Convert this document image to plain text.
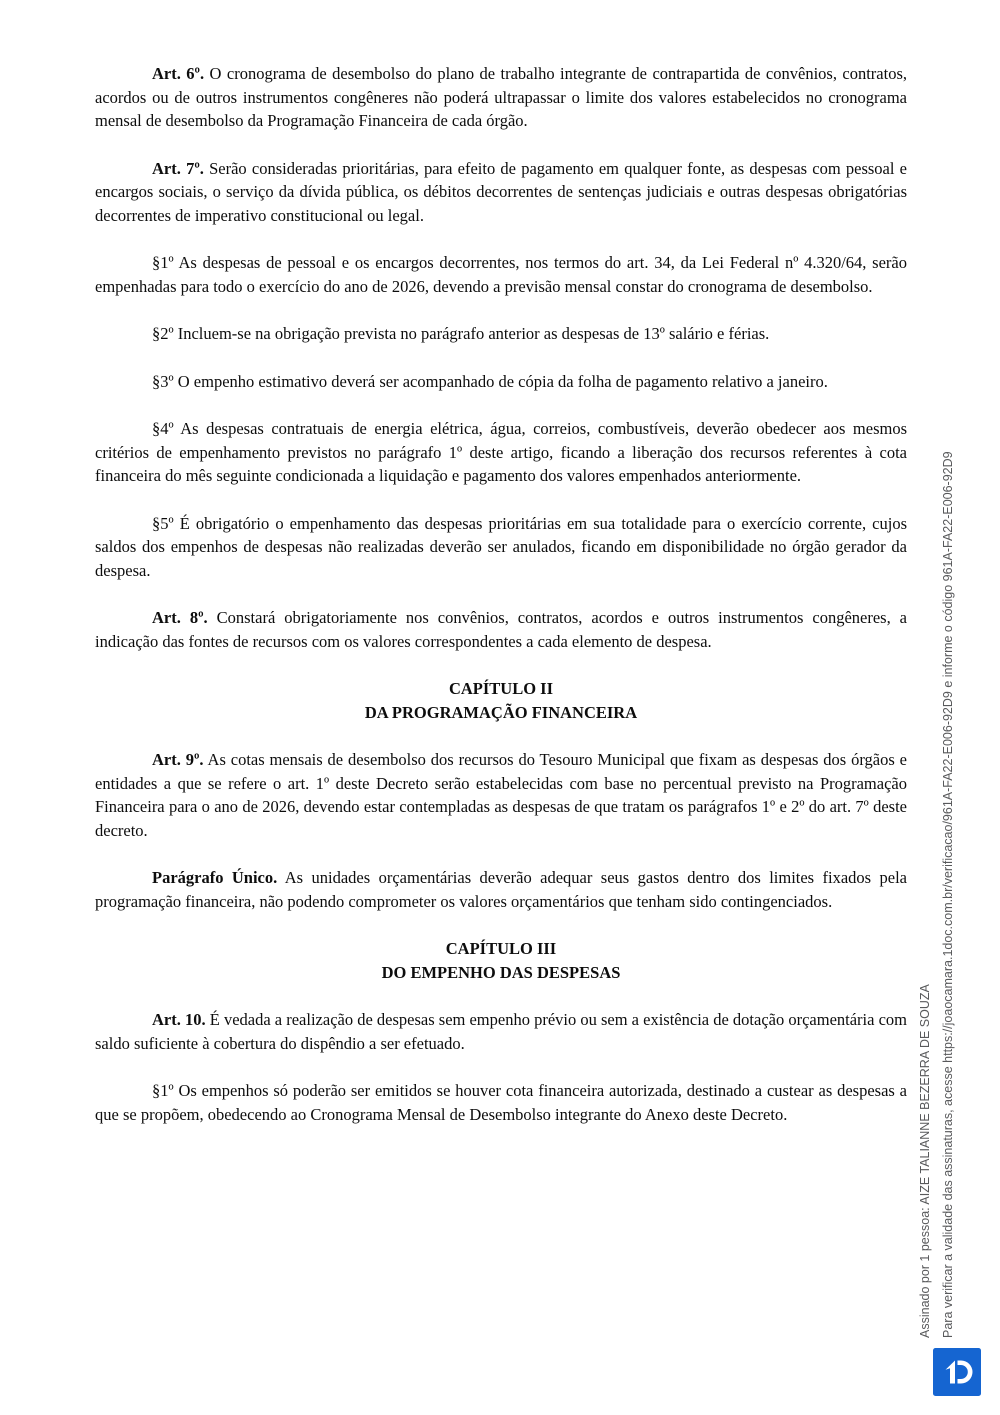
Art. 6º. O cronograma de desembolso do plano de trabalho integrante de contrapartida de convênios, contratos, acordos ou de outros instrumentos congêneres não poderá ultrapassar o limite dos valores estabelecidos no cronograma mensal de desembolso da Programação Financeira de cada órgão.

Art. 7º. Serão consideradas prioritárias, para efeito de pagamento em qualquer fonte, as despesas com pessoal e encargos sociais, o serviço da dívida pública, os débitos decorrentes de sentenças judiciais e outras despesas obrigatórias decorrentes de imperativo constitucional ou legal.

§1º As despesas de pessoal e os encargos decorrentes, nos termos do art. 34, da Lei Federal nº 4.320/64, serão empenhadas para todo o exercício do ano de 2026, devendo a previsão mensal constar do cronograma de desembolso.

§2º Incluem-se na obrigação prevista no parágrafo anterior as despesas de 13º salário e férias.

§3º O empenho estimativo deverá ser acompanhado de cópia da folha de pagamento relativo a janeiro.

§4º As despesas contratuais de energia elétrica, água, correios, combustíveis, deverão obedecer aos mesmos critérios de empenhamento previstos no parágrafo 1º deste artigo, ficando a liberação dos recursos referentes à cota financeira do mês seguinte condicionada a liquidação e pagamento dos valores empenhados anteriormente.

§5º É obrigatório o empenhamento das despesas prioritárias em sua totalidade para o exercício corrente, cujos saldos dos empenhos de despesas não realizadas deverão ser anulados, ficando em disponibilidade no órgão gerador da despesa.

Art. 8º. Constará obrigatoriamente nos convênios, contratos, acordos e outros instrumentos congêneres, a indicação das fontes de recursos com os valores correspondentes a cada elemento de despesa.

CAPÍTULO II
DA PROGRAMAÇÃO FINANCEIRA

Art. 9º. As cotas mensais de desembolso dos recursos do Tesouro Municipal que fixam as despesas dos órgãos e entidades a que se refere o art. 1º deste Decreto serão estabelecidas com base no percentual previsto na Programação Financeira para o ano de 2026, devendo estar contempladas as despesas de que tratam os parágrafos 1º e 2º do art. 7º deste decreto.

Parágrafo Único. As unidades orçamentárias deverão adequar seus gastos dentro dos limites fixados pela programação financeira, não podendo comprometer os valores orçamentários que tenham sido contingenciados.

CAPÍTULO III
DO EMPENHO DAS DESPESAS

Art. 10. É vedada a realização de despesas sem empenho prévio ou sem a existência de dotação orçamentária com saldo suficiente à cobertura do dispêndio a ser efetuado.

§1º Os empenhos só poderão ser emitidos se houver cota financeira autorizada, destinado a custear as despesas a que se propõem, obedecendo ao Cronograma Mensal de Desembolso integrante do Anexo deste Decreto.	Assinado por 1 pessoa: AIZE TALIANNE BEZERRA DE SOUZA Para verificar a validade das assinaturas, acesse https://joaocamara.1doc.com.br/verificacao/961A-FA22-E006-92D9 e informe o código 961A-FA22-E006-92D9
